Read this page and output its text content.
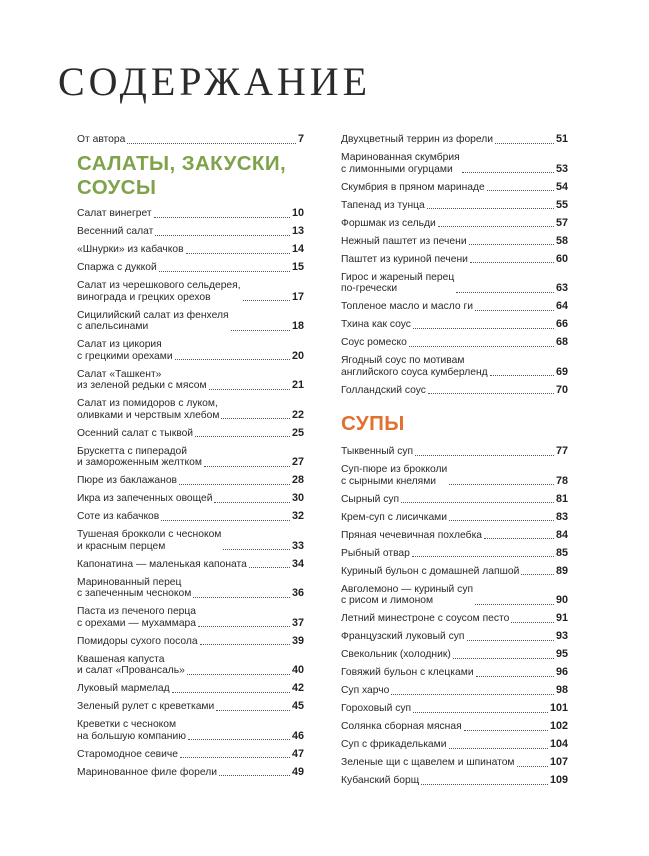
СОДЕРЖАНИЕ
От автора	7
САЛАТЫ, ЗАКУСКИ,
СОУСЫ
Салат винегрет	10
Весенний салат	13
«Шнурки» из кабачков	14
Спаржа с дуккой	15
Салат из черешкового сельдерея,
винограда и грецких орехов	17
Сицилийский салат из фенхеля
с апельсинами	18
Салат из цикория
с грецкими орехами	20
Салат «Ташкент»
из зеленой редьки с мясом	21
Салат из помидоров с луком,
оливками и черствым хлебом	22
Осенний салат с тыквой	25
Брускетта с пиперадой
и замороженным желтком	27
Пюре из баклажанов	28
Икра из запеченных овощей	30
Соте из кабачков	32
Тушеная брокколи с чесноком
и красным перцем	33
Капонатина — маленькая капоната	34
Маринованный перец
с запеченным чесноком	36
Паста из печеного перца
с орехами — мухаммара	37
Помидоры сухого посола	39
Квашеная капуста
и салат «Провансаль»	40
Луковый мармелад	42
Зеленый рулет с креветками	45
Креветки с чесноком
на большую компанию	46
Старомодное севиче	47
Маринованное филе форели	49
Двухцветный террин из форели	51
Маринованная скумбрия
с лимонными огурцами	53
Скумбрия в пряном маринаде	54
Тапенад из тунца	55
Форшмак из сельди	57
Нежный паштет из печени	58
Паштет из куриной печени	60
Гирос и жареный перец
по-гречески	63
Топленое масло и масло ги	64
Тхина как соус	66
Соус ромеско	68
Ягодный соус по мотивам
английского соуса кумберленд	69
Голландский соус	70
СУПЫ
Тыквенный суп	77
Суп-пюре из брокколи
с сырными кнелями	78
Сырный суп	81
Крем-суп с лисичками	83
Пряная чечевичная похлебка	84
Рыбный отвар	85
Куриный бульон с домашней лапшой	89
Авголемоно — куриный суп
с рисом и лимоном	90
Летний минестроне с соусом песто	91
Французский луковый суп	93
Свекольник (холодник)	95
Говяжий бульон с клецками	96
Суп харчо	98
Гороховый суп	101
Солянка сборная мясная	102
Суп с фрикадельками	104
Зеленые щи с щавелем и шпинатом	107
Кубанский борщ	109
